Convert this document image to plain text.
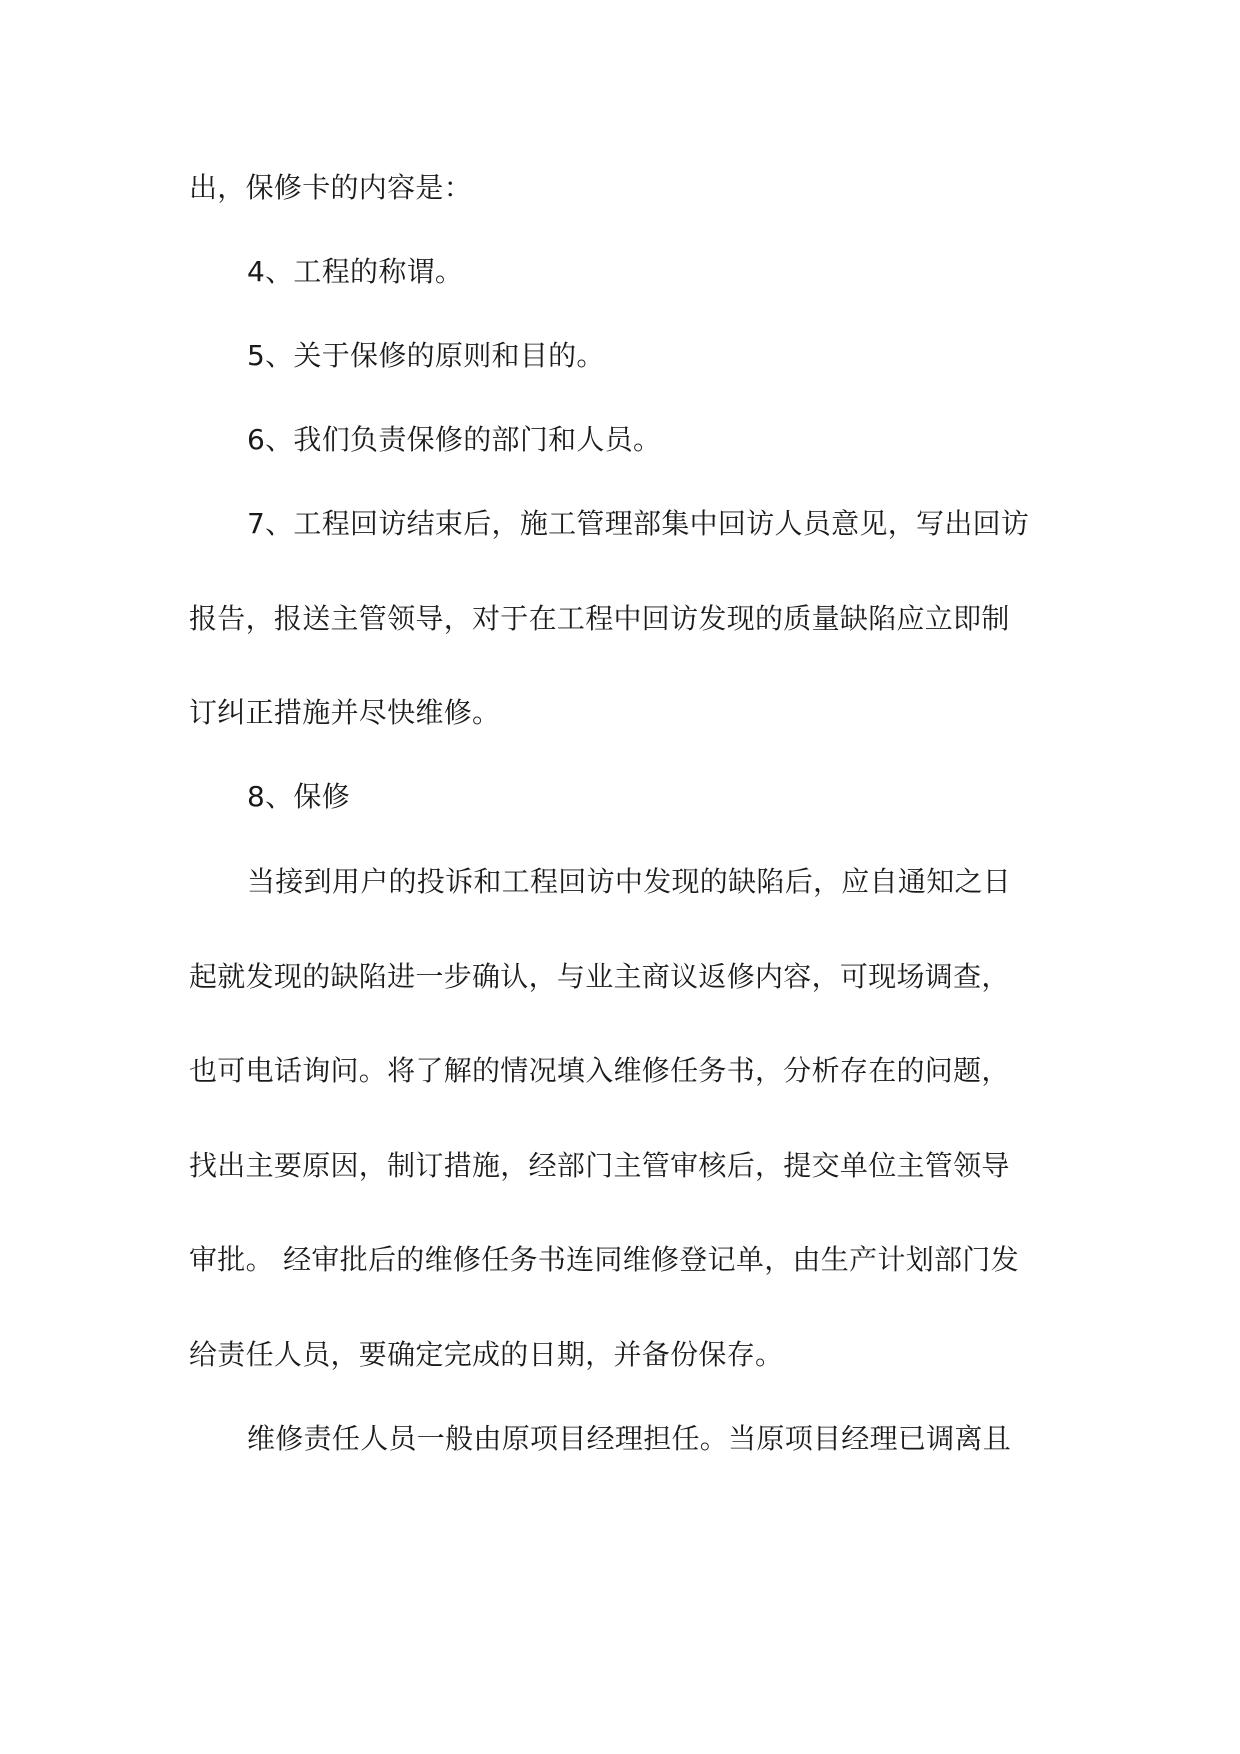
出，保修卡的内容是：
4、工程的称谓。
5、关于保修的原则和目的。
6、我们负责保修的部门和人员。
7、工程回访结束后，施工管理部集中回访人员意见，写出回访
报告，报送主管领导，对于在工程中回访发现的质量缺陷应立即制
订纠正措施并尽快维修。
8、保修
当接到用户的投诉和工程回访中发现的缺陷后，应自通知之日
起就发现的缺陷进一步确认，与业主商议返修内容，可现场调查，
也可电话询问。将了解的情况填入维修任务书，分析存在的问题，
找出主要原因，制订措施，经部门主管审核后，提交单位主管领导
审批。 经审批后的维修任务书连同维修登记单，由生产计划部门发
给责任人员，要确定完成的日期，并备份保存。
维修责任人员一般由原项目经理担任。当原项目经理已调离且
